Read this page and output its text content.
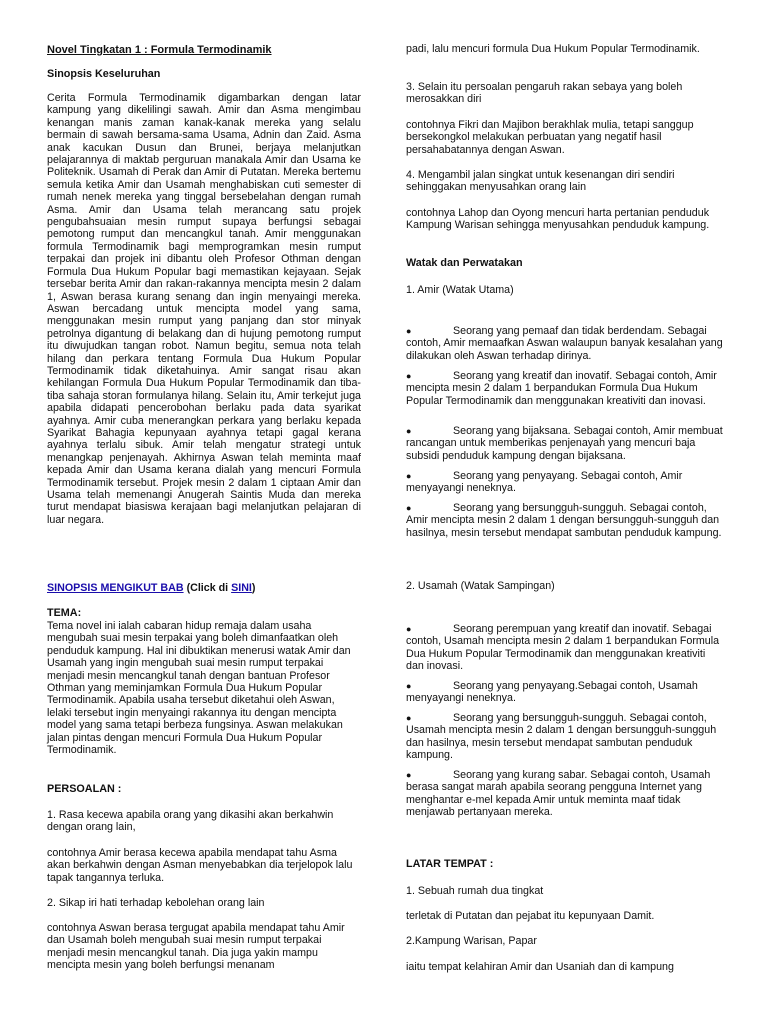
Novel Tingkatan 1 : Formula Termodinamik

Sinopsis Keseluruhan

Cerita Formula Termodinamik digambarkan dengan latar kampung yang dikelilingi sawah. Amir dan Asma mengimbau kenangan manis zaman kanak-kanak mereka yang selalu bermain di sawah bersama-sama Usama, Adnin dan Zaid. Asma anak kacukan Dusun dan Brunei, berjaya melanjutkan pelajarannya di maktab perguruan manakala Amir dan Usama ke Politeknik. Usamah di Perak dan Amir di Putatan. Mereka bertemu semula ketika Amir dan Usamah menghabiskan cuti semester di rumah nenek mereka yang tinggal bersebelahan dengan rumah Asma. Amir dan Usama telah merancang satu projek pengubahsuaian mesin rumput supaya berfungsi sebagai pemotong rumput dan mencangkul tanah. Amir menggunakan formula Termodinamik bagi memprogramkan mesin rumput terpakai dan projek ini dibantu oleh Profesor Othman dengan Formula Dua Hukum Popular bagi memastikan kejayaan. Sejak tersebar berita Amir dan rakan-rakannya mencipta mesin 2 dalam 1, Aswan berasa kurang senang dan ingin menyaingi mereka. Aswan bercadang untuk mencipta model yang sama, menggunakan mesin rumput yang panjang dan stor minyak petrolnya digantung di belakang dan di hujung pemotong rumput itu diwujudkan tangan robot. Namun begitu, semua nota telah hilang dan perkara tentang Formula Dua Hukum Popular Termodinamik tidak diketahuinya. Amir sangat risau akan kehilangan Formula Dua Hukum Popular Termodinamik dan tiba-tiba sahaja storan formulanya hilang. Selain itu, Amir terkejut juga apabila didapati pencerobohan berlaku pada data syarikat ayahnya. Amir cuba menerangkan perkara yang berlaku kepada Syarikat Bahagia kepunyaan ayahnya tetapi gagal kerana ayahnya terlalu sibuk. Amir telah mengatur strategi untuk menangkap penjenayah. Akhirnya Aswan telah meminta maaf kepada Amir dan Usama kerana dialah yang mencuri Formula Termodinamik tersebut. Projek mesin 2 dalam 1 ciptaan Amir dan Usama telah memenangi Anugerah Saintis Muda dan mereka turut mendapat biasiswa kerajaan bagi melanjutkan pelajaran di luar negara.

SINOPSIS MENGIKUT BAB (Click di SINI)

TEMA:

Tema novel ini ialah cabaran hidup remaja dalam usaha mengubah suai mesin terpakai yang boleh dimanfaatkan oleh penduduk kampung. Hal ini dibuktikan menerusi watak Amir dan Usamah yang ingin mengubah suai mesin rumput terpakai menjadi mesin mencangkul tanah dengan bantuan Profesor Othman yang meminjamkan Formula Dua Hukum Popular Termodinamik. Apabila usaha tersebut diketahui oleh Aswan, lelaki tersebut ingin menyaingi rakannya itu dengan mencipta model yang sama tetapi berbeza fungsinya. Aswan melakukan jalan pintas dengan mencuri Formula Dua Hukum Popular Termodinamik.

PERSOALAN :

1. Rasa kecewa apabila orang yang dikasihi akan berkahwin dengan orang lain,

contohnya Amir berasa kecewa apabila mendapat tahu Asma akan berkahwin dengan Asman menyebabkan dia terjelopok lalu tapak tangannya terluka.

2. Sikap iri hati terhadap kebolehan orang lain

contohnya Aswan berasa tergugat apabila mendapat tahu Amir dan Usamah boleh mengubah suai mesin rumput terpakai menjadi mesin mencangkul tanah. Dia juga yakin mampu mencipta mesin yang boleh berfungsi menanam

padi, lalu mencuri formula Dua Hukum Popular Termodinamik.

3. Selain itu persoalan pengaruh rakan sebaya yang boleh merosakkan diri

contohnya Fikri dan Majibon berakhlak mulia, tetapi sanggup bersekongkol melakukan perbuatan yang negatif hasil persahabatannya dengan Aswan.

4. Mengambil jalan singkat untuk kesenangan diri sendiri sehinggakan menyusahkan orang lain

contohnya Lahop dan Oyong mencuri harta pertanian penduduk Kampung Warisan sehingga menyusahkan penduduk kampung.

Watak dan Perwatakan

1. Amir (Watak Utama)

●	Seorang yang pemaaf dan tidak berdendam. Sebagai contoh, Amir memaafkan Aswan walaupun banyak kesalahan yang dilakukan oleh Aswan terhadap dirinya.

Seorang yang kreatif dan inovatif. Sebagai contoh, Amir mencipta mesin 2 dalam 1 berpandukan Formula Dua Hukum Popular Termodinamik dan menggunakan kreativiti dan inovasi.

Seorang yang bijaksana. Sebagai contoh, Amir membuat rancangan untuk memberikas penjenayah yang mencuri baja subsidi penduduk kampung dengan bijaksana.

Seorang yang penyayang. Sebagai contoh, Amir menyayangi neneknya.

Seorang yang bersungguh-sungguh. Sebagai contoh, Amir mencipta mesin 2 dalam 1 dengan bersungguh-sungguh dan hasilnya, mesin tersebut mendapat sambutan penduduk kampung.

●
●
●
●

2. Usamah (Watak Sampingan)

Seorang perempuan yang kreatif dan inovatif. Sebagai contoh, Usamah mencipta mesin 2 dalam 1 berpandukan Formula Dua Hukum Popular Termodinamik dan menggunakan kreativiti dan inovasi.

Seorang yang penyayang.Sebagai contoh, Usamah menyayangi neneknya.

Seorang yang bersungguh-sungguh. Sebagai contoh, Usamah mencipta mesin 2 dalam 1 dengan bersungguh-sungguh dan hasilnya, mesin tersebut mendapat sambutan penduduk kampung.

Seorang yang kurang sabar. Sebagai contoh, Usamah berasa sangat marah apabila seorang pengguna Internet yang menghantar e-mel kepada Amir untuk meminta maaf tidak menjawab pertanyaan mereka.

●
●
●
●

LATAR TEMPAT :

1. Sebuah rumah dua tingkat

terletak di Putatan dan pejabat itu kepunyaan Damit.

2.Kampung Warisan, Papar

iaitu tempat kelahiran Amir dan Usaniah dan di kampung
